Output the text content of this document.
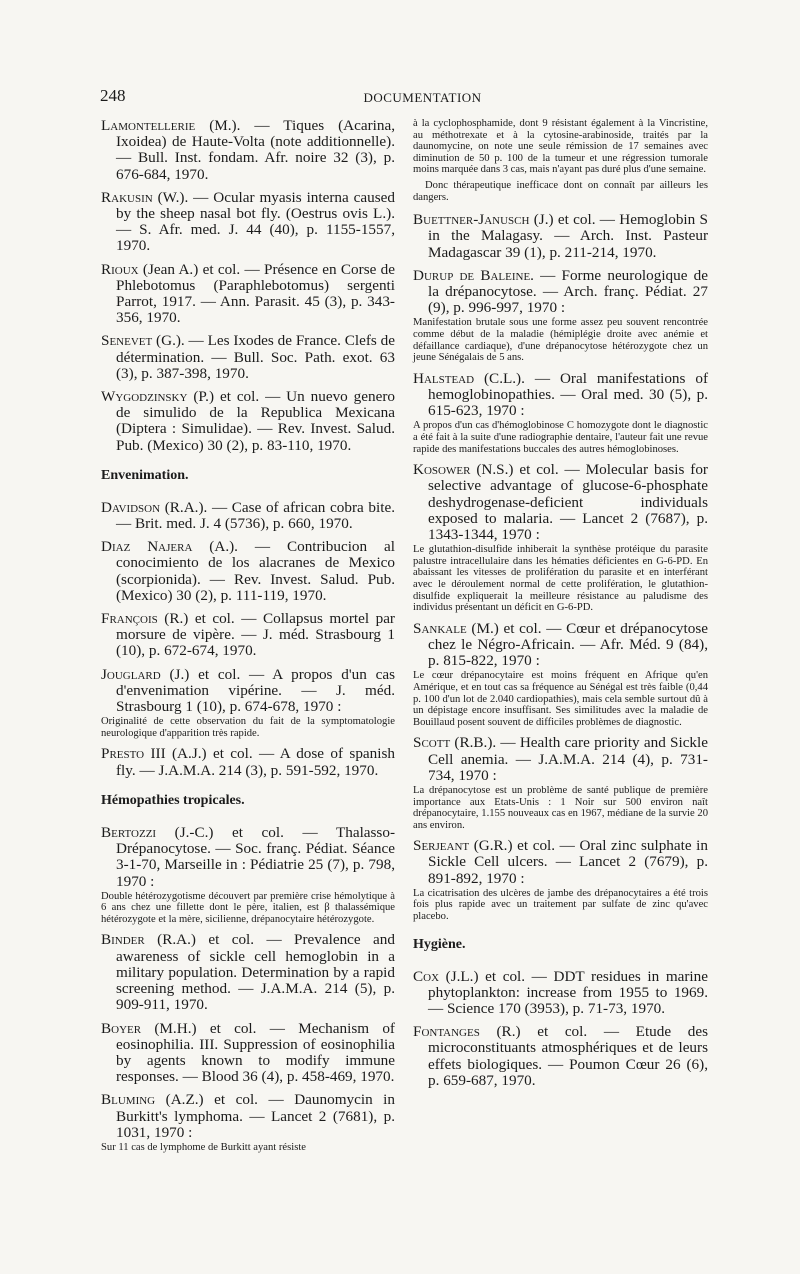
248	DOCUMENTATION

Lamontellerie (M.). — Tiques (Acarina, Ixoidea) de Haute-Volta (note additionnelle). — Bull. Inst. fondam. Afr. noire 32 (3), p. 676-684, 1970.

Rakusin (W.). — Ocular myasis interna caused by the sheep nasal bot fly. (Oestrus ovis L.). — S. Afr. med. J. 44 (40), p. 1155-1557, 1970.

Rioux (Jean A.) et col. — Présence en Corse de Phlebotomus (Paraphlebotomus) sergenti Parrot, 1917. — Ann. Parasit. 45 (3), p. 343-356, 1970.

Senevet (G.). — Les Ixodes de France. Clefs de détermination. — Bull. Soc. Path. exot. 63 (3), p. 387-398, 1970.

Wygodzinsky (P.) et col. — Un nuevo genero de simulido de la Republica Mexicana (Diptera : Simulidae). — Rev. Invest. Salud. Pub. (Mexico) 30 (2), p. 83-110, 1970.

Envenimation.

Davidson (R.A.). — Case of african cobra bite. — Brit. med. J. 4 (5736), p. 660, 1970.

Diaz Najera (A.). — Contribucion al conocimiento de los alacranes de Mexico (scorpionida). — Rev. Invest. Salud. Pub. (Mexico) 30 (2), p. 111-119, 1970.

François (R.) et col. — Collapsus mortel par morsure de vipère. — J. méd. Strasbourg 1 (10), p. 672-674, 1970.

Jouglard (J.) et col. — A propos d'un cas d'envenimation vipérine. — J. méd. Strasbourg 1 (10), p. 674-678, 1970 :

Originalité de cette observation du fait de la symptomatologie neurologique d'apparition très rapide.

Presto III (A.J.) et col. — A dose of spanish fly. — J.A.M.A. 214 (3), p. 591-592, 1970.

Hémopathies tropicales.

Bertozzi (J.-C.) et col. — Thalasso-Drépanocytose. — Soc. franç. Pédiat. Séance 3-1-70, Marseille in : Pédiatrie 25 (7), p. 798, 1970 :

Double hétérozygotisme découvert par première crise hémolytique à 6 ans chez une fillette dont le père, italien, est β thalassémique hétérozygote et la mère, sicilienne, drépanocytaire hétérozygote.

Binder (R.A.) et col. — Prevalence and awareness of sickle cell hemoglobin in a military population. Determination by a rapid screening method. — J.A.M.A. 214 (5), p. 909-911, 1970.

Boyer (M.H.) et col. — Mechanism of eosinophilia. III. Suppression of eosinophilia by agents known to modify immune responses. — Blood 36 (4), p. 458-469, 1970.

Bluming (A.Z.) et col. — Daunomycin in Burkitt's lymphoma. — Lancet 2 (7681), p. 1031, 1970 :

Sur 11 cas de lymphome de Burkitt ayant résiste

à la cyclophosphamide, dont 9 résistant également à la Vincristine, au méthotrexate et à la cytosine-arabinoside, traités par la daunomycine, on note une seule rémission de 17 semaines avec diminution de 50 p. 100 de la tumeur et une régression tumorale moins marquée dans 3 cas, mais n'ayant pas duré plus d'une semaine.

Donc thérapeutique inefficace dont on connaît par ailleurs les dangers.

Buettner-Janusch (J.) et col. — Hemoglobin S in the Malagasy. — Arch. Inst. Pasteur Madagascar 39 (1), p. 211-214, 1970.

Durup de Baleine. — Forme neurologique de la drépanocytose. — Arch. franç. Pédiat. 27 (9), p. 996-997, 1970 :

Manifestation brutale sous une forme assez peu souvent rencontrée comme début de la maladie (hémiplégie droite avec anémie et défaillance cardiaque), d'une drépanocytose hétérozygote chez un jeune Sénégalais de 5 ans.

Halstead (C.L.). — Oral manifestations of hemoglobinopathies. — Oral med. 30 (5), p. 615-623, 1970 :

A propos d'un cas d'hémoglobinose C homozygote dont le diagnostic a été fait à la suite d'une radiographie dentaire, l'auteur fait une revue rapide des manifestations buccales des autres hémoglobinoses.

Kosower (N.S.) et col. — Molecular basis for selective advantage of glucose-6-phosphate deshydrogenase-deficient individuals exposed to malaria. — Lancet 2 (7687), p. 1343-1344, 1970 :

Le glutathion-disulfide inhiberait la synthèse protéique du parasite palustre intracellulaire dans les hématies déficientes en G-6-PD. En abaissant les vitesses de prolifération du parasite et en interférant avec le déroulement normal de cette prolifération, le glutathion-disulfide expliquerait la meilleure résistance au paludisme des individus présentant un déficit en G-6-PD.

Sankale (M.) et col. — Cœur et drépanocytose chez le Négro-Africain. — Afr. Méd. 9 (84), p. 815-822, 1970 :

Le cœur drépanocytaire est moins fréquent en Afrique qu'en Amérique, et en tout cas sa fréquence au Sénégal est très faible (0,44 p. 100 d'un lot de 2.040 cardiopathies), mais cela semble surtout dû à un dépistage encore insuffisant. Ses similitudes avec la maladie de Bouillaud posent souvent de difficiles problèmes de diagnostic.

Scott (R.B.). — Health care priority and Sickle Cell anemia. — J.A.M.A. 214 (4), p. 731-734, 1970 :

La drépanocytose est un problème de santé publique de première importance aux Etats-Unis : 1 Noir sur 500 environ naît drépanocytaire, 1.155 nouveaux cas en 1967, médiane de la survie 20 ans environ.

Serjeant (G.R.) et col. — Oral zinc sulphate in Sickle Cell ulcers. — Lancet 2 (7679), p. 891-892, 1970 :

La cicatrisation des ulcères de jambe des drépanocytaires a été trois fois plus rapide avec un traitement par sulfate de zinc qu'avec placebo.

Hygiène.

Cox (J.L.) et col. — DDT residues in marine phytoplankton: increase from 1955 to 1969. — Science 170 (3953), p. 71-73, 1970.

Fontanges (R.) et col. — Etude des microconstituants atmosphériques et de leurs effets biologiques. — Poumon Cœur 26 (6), p. 659-687, 1970.
